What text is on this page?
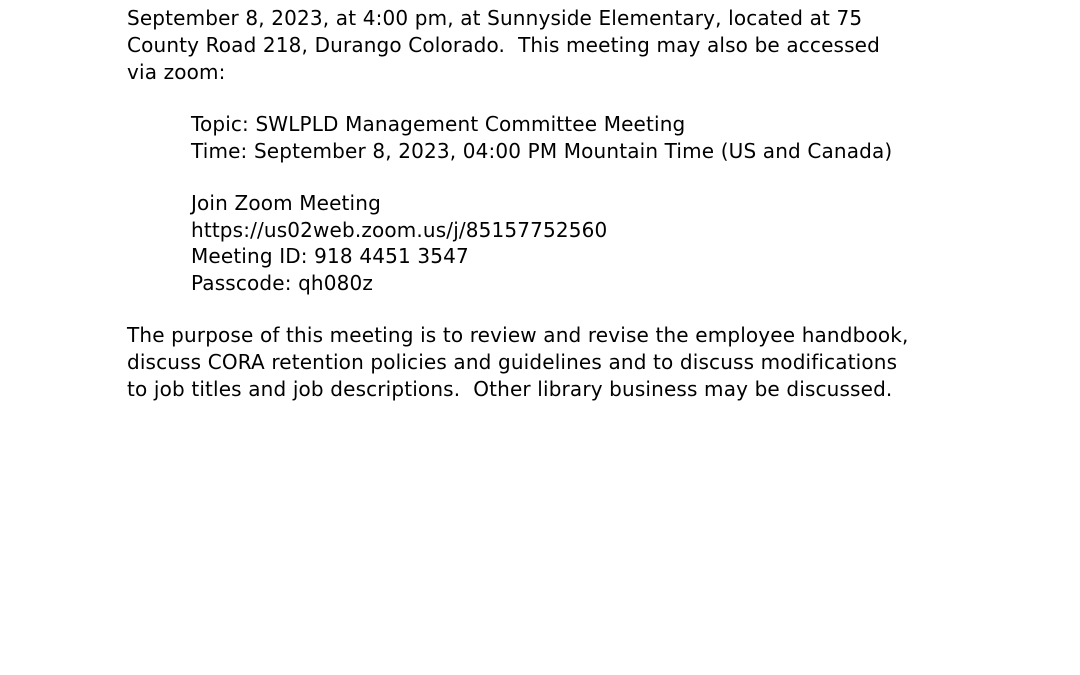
September 8, 2023, at 4:00 pm, at Sunnyside Elementary, located at 75
County Road 218, Durango Colorado.  This meeting may also be accessed
via zoom:
Topic: SWLPLD Management Committee Meeting
Time: September 8, 2023, 04:00 PM Mountain Time (US and Canada)
Join Zoom Meeting
https://us02web.zoom.us/j/85157752560
Meeting ID: 918 4451 3547
Passcode: qh080z
The purpose of this meeting is to review and revise the employee handbook,
discuss CORA retention policies and guidelines and to discuss modifications
to job titles and job descriptions.  Other library business may be discussed.
